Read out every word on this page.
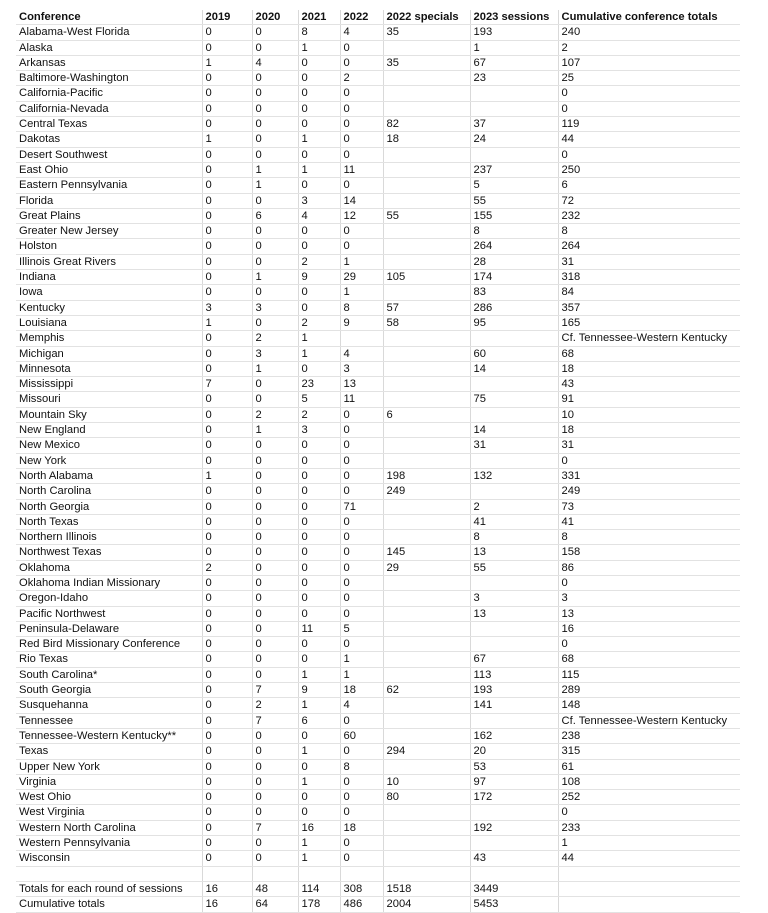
Conference	2019	2020	2021	2022	2022 specials	2023 sessions	Cumulative conference totals
Alabama-West Florida	0	0	8	4	35	193	240
Alaska	0	0	1	0		1	2
Arkansas	1	4	0	0	35	67	107
Baltimore-Washington	0	0	0	2		23	25
California-Pacific	0	0	0	0			0
California-Nevada	0	0	0	0			0
Central Texas	0	0	0	0	82	37	119
Dakotas	1	0	1	0	18	24	44
Desert Southwest	0	0	0	0			0
East Ohio	0	1	1	11		237	250
Eastern Pennsylvania	0	1	0	0		5	6
Florida	0	0	3	14		55	72
Great Plains	0	6	4	12	55	155	232
Greater New Jersey	0	0	0	0		8	8
Holston	0	0	0	0		264	264
Illinois Great Rivers	0	0	2	1		28	31
Indiana	0	1	9	29	105	174	318
Iowa	0	0	0	1		83	84
Kentucky	3	3	0	8	57	286	357
Louisiana	1	0	2	9	58	95	165
Memphis	0	2	1				Cf. Tennessee-Western Kentucky
Michigan	0	3	1	4		60	68
Minnesota	0	1	0	3		14	18
Mississippi	7	0	23	13			43
Missouri	0	0	5	11		75	91
Mountain Sky	0	2	2	0	6		10
New England	0	1	3	0		14	18
New Mexico	0	0	0	0		31	31
New York	0	0	0	0			0
North Alabama	1	0	0	0	198	132	331
North Carolina	0	0	0	0	249		249
North Georgia	0	0	0	71		2	73
North Texas	0	0	0	0		41	41
Northern Illinois	0	0	0	0		8	8
Northwest Texas	0	0	0	0	145	13	158
Oklahoma	2	0	0	0	29	55	86
Oklahoma Indian Missionary	0	0	0	0			0
Oregon-Idaho	0	0	0	0		3	3
Pacific Northwest	0	0	0	0		13	13
Peninsula-Delaware	0	0	11	5			16
Red Bird Missionary Conference	0	0	0	0			0
Rio Texas	0	0	0	1		67	68
South Carolina*	0	0	1	1		113	115
South Georgia	0	7	9	18	62	193	289
Susquehanna	0	2	1	4		141	148
Tennessee	0	7	6	0			Cf. Tennessee-Western Kentucky
Tennessee-Western Kentucky**	0	0	0	60		162	238
Texas	0	0	1	0	294	20	315
Upper New York	0	0	0	8		53	61
Virginia	0	0	1	0	10	97	108
West Ohio	0	0	0	0	80	172	252
West Virginia	0	0	0	0			0
Western North Carolina	0	7	16	18		192	233
Western Pennsylvania	0	0	1	0			1
Wisconsin	0	0	1	0		43	44

Totals for each round of sessions	16	48	114	308	1518	3449	
Cumulative totals	16	64	178	486	2004	5453	
